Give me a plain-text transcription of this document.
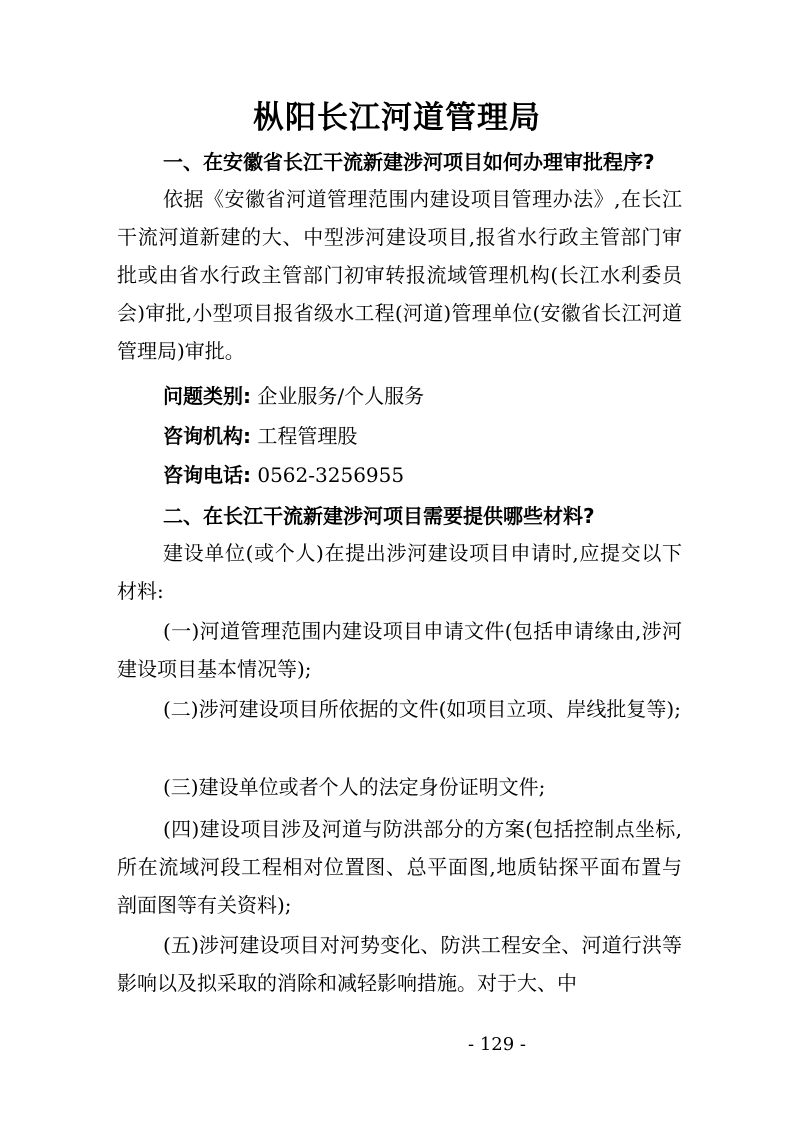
枞阳长江河道管理局
一、在安徽省长江干流新建涉河项目如何办理审批程序?

依据《安徽省河道管理范围内建设项目管理办法》,在长江干流河道新建的大、中型涉河建设项目,报省水行政主管部门审批或由省水行政主管部门初审转报流域管理机构(长江水利委员会)审批,小型项目报省级水工程(河道)管理单位(安徽省长江河道管理局)审批。

问题类别: 企业服务/个人服务
咨询机构: 工程管理股
咨询电话: 0562-3256955
二、在长江干流新建涉河项目需要提供哪些材料?

建设单位(或个人)在提出涉河建设项目申请时,应提交以下材料:

(一)河道管理范围内建设项目申请文件(包括申请缘由,涉河建设项目基本情况等);

(二)涉河建设项目所依据的文件(如项目立项、岸线批复等);

(三)建设单位或者个人的法定身份证明文件;

(四)建设项目涉及河道与防洪部分的方案(包括控制点坐标,所在流域河段工程相对位置图、总平面图,地质钻探平面布置与剖面图等有关资料);

(五)涉河建设项目对河势变化、防洪工程安全、河道行洪等影响以及拟采取的消除和减轻影响措施。对于大、中

- 129 -
